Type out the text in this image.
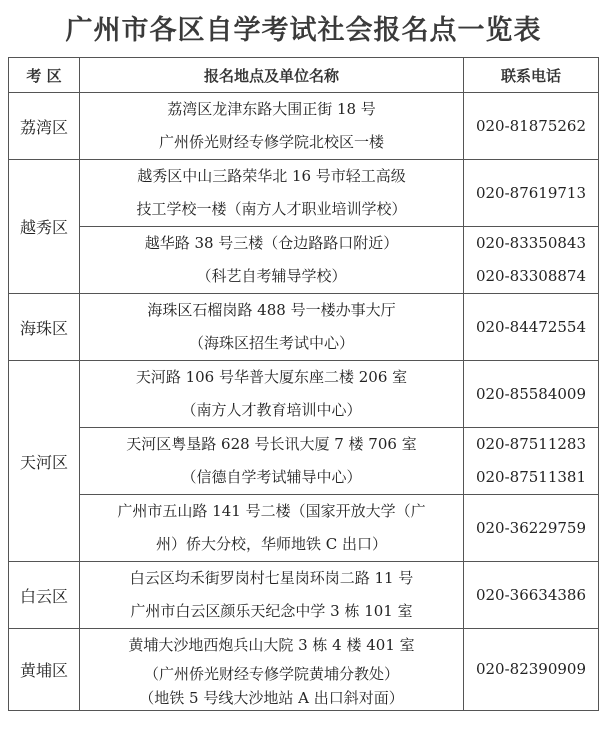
广州市各区自学考试社会报名点一览表
考 区	报名地点及单位名称	联系电话
荔湾区	荔湾区龙津东路大围正街 18 号
广州侨光财经专修学院北校区一楼	020-81875262

越秀区	越秀区中山三路荣华北 16 号市轻工高级
技工学校一楼（南方人才职业培训学校）	020-87619713

	越华路 38 号三楼（仓边路路口附近）
（科艺自考辅导学校）	020-83350843
020-83308874

海珠区	海珠区石榴岗路 488 号一楼办事大厅
（海珠区招生考试中心）	020-84472554

天河区	天河路 106 号华普大厦东座二楼 206 室
（南方人才教育培训中心）	020-85584009

	天河区粤垦路 628 号长讯大厦 7 楼 706 室
（信德自学考试辅导中心）	020-87511283
020-87511381

	广州市五山路 141 号二楼（国家开放大学（广
州）侨大分校，华师地铁 C 出口）	020-36229759

白云区	白云区均禾街罗岗村七星岗环岗二路 11 号
广州市白云区颜乐天纪念中学 3 栋 101 室	020-36634386

黄埔区	黄埔大沙地西炮兵山大院 3 栋 4 楼 401 室
（广州侨光财经专修学院黄埔分教处）
（地铁 5 号线大沙地站 A 出口斜对面）	020-82390909
